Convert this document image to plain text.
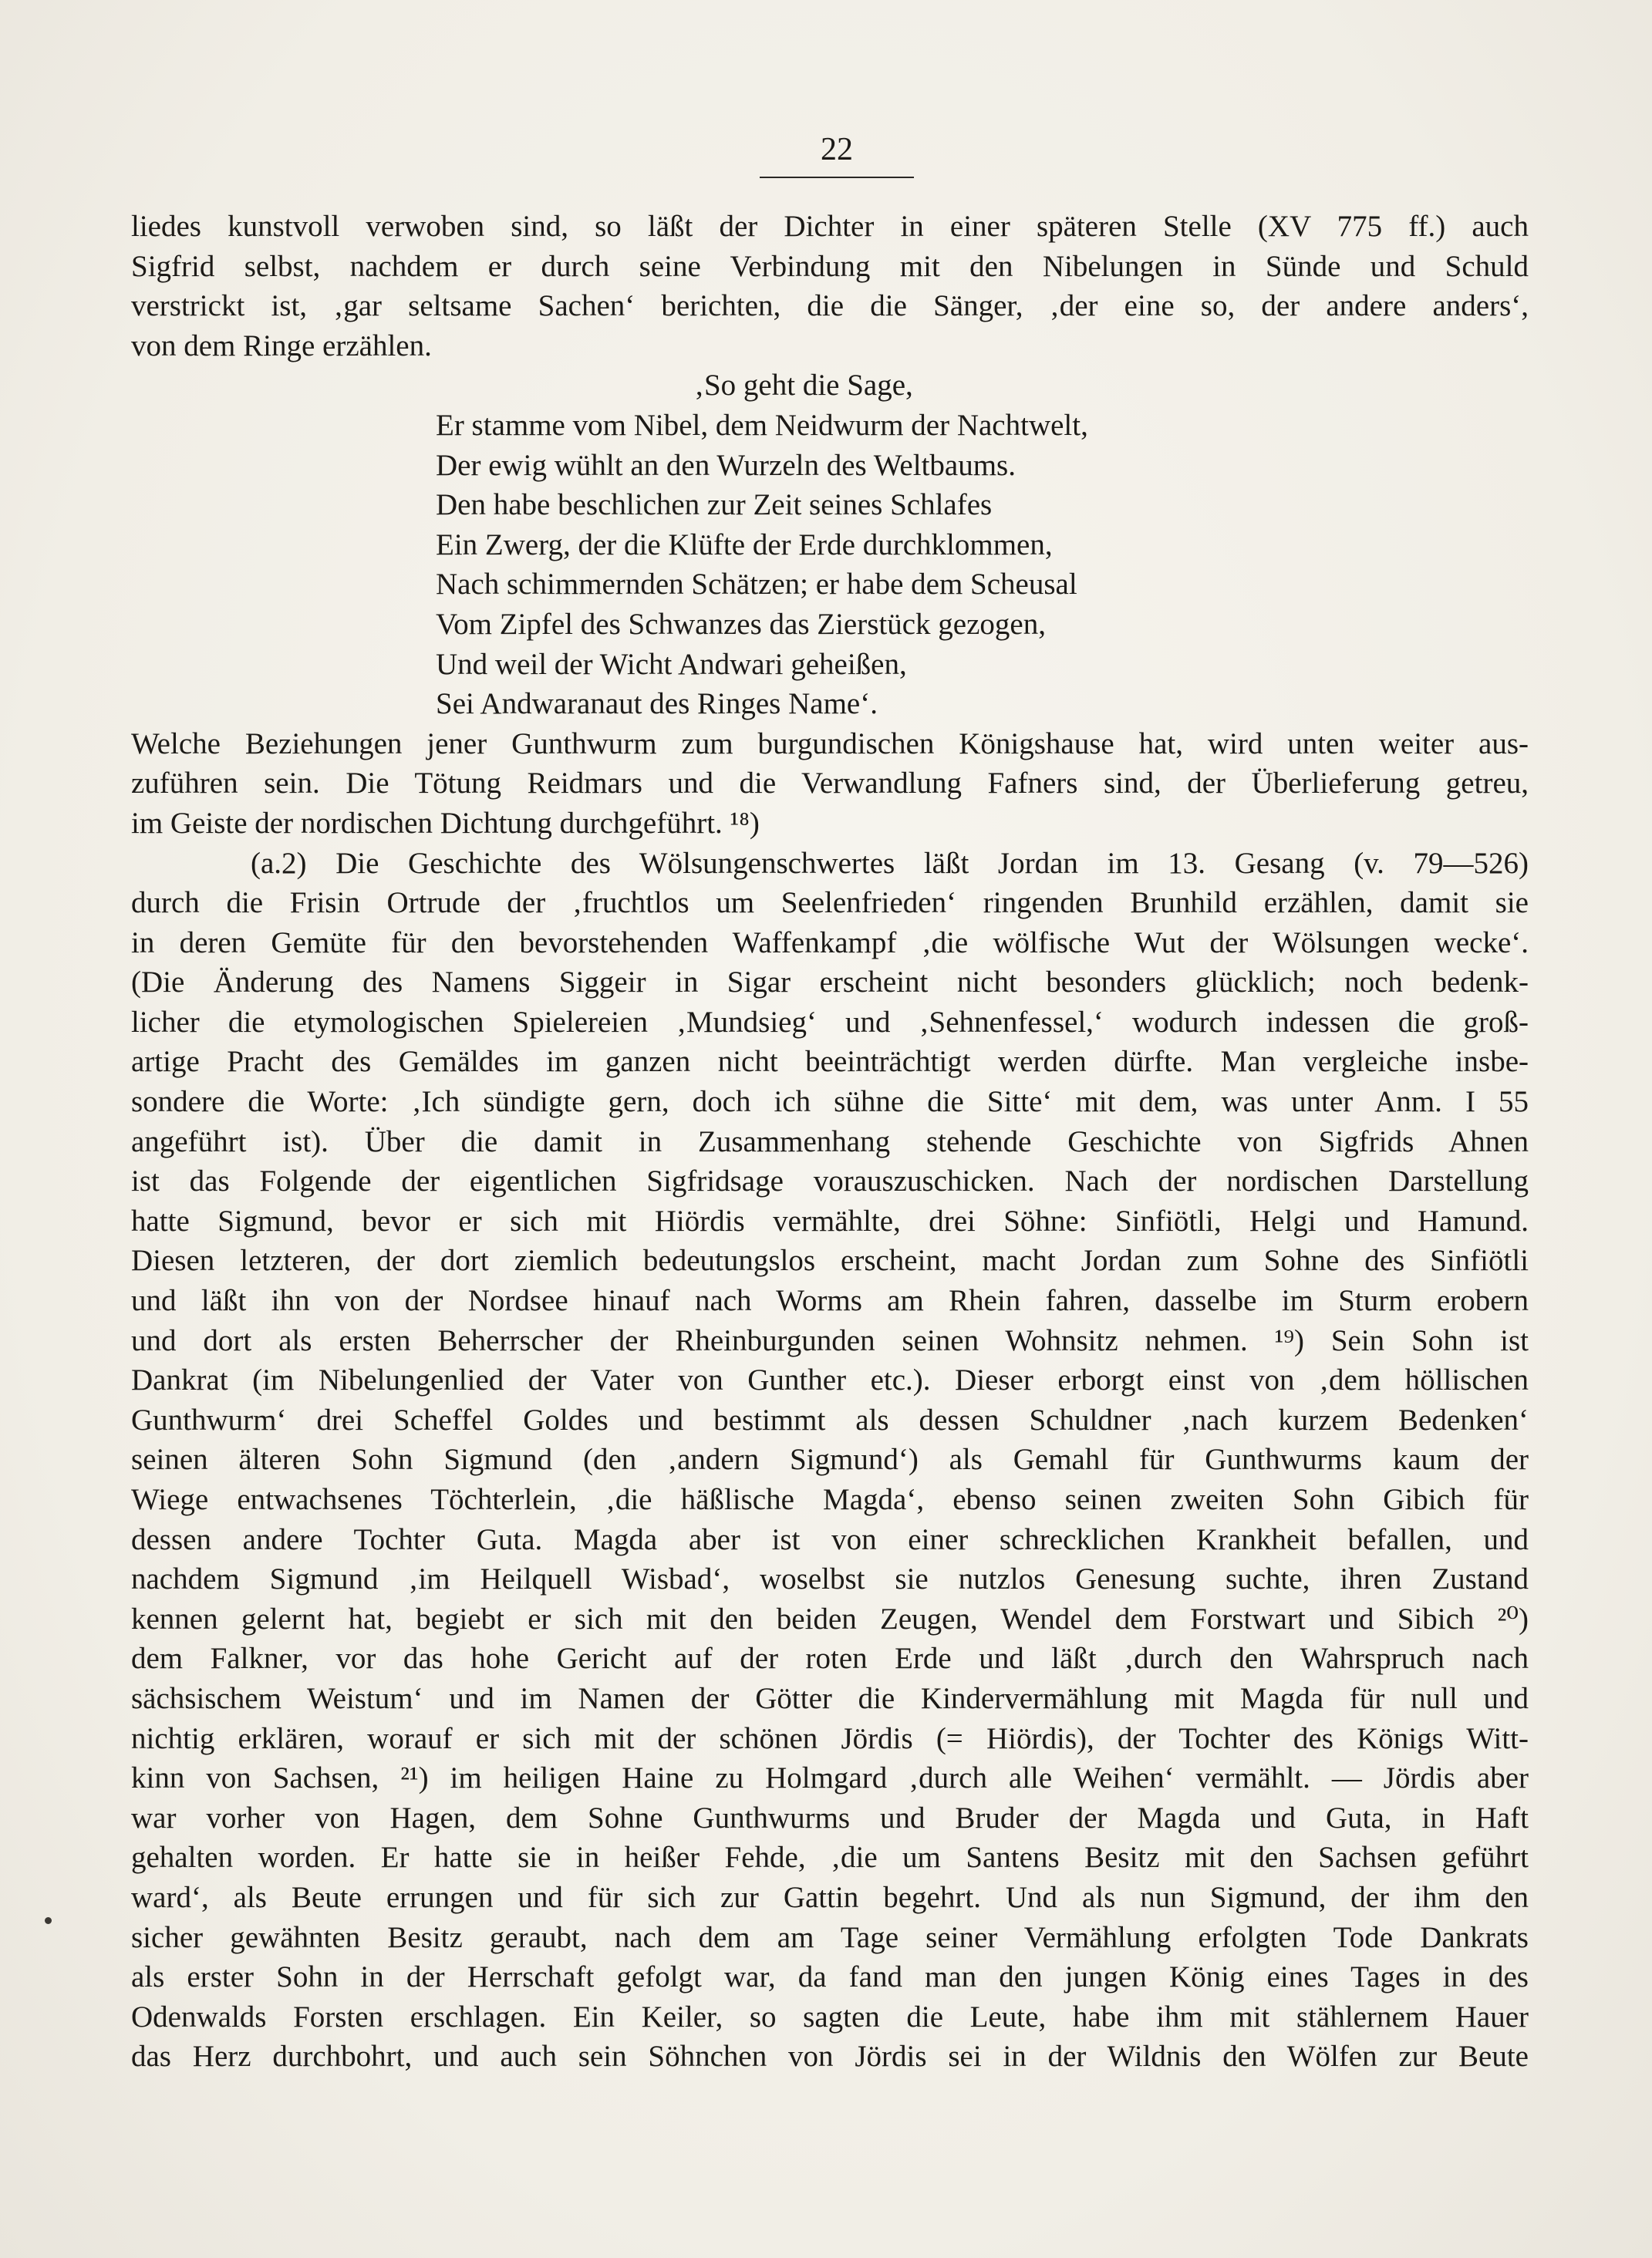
22
liedes kunstvoll verwoben sind, so läßt der Dichter in einer späteren Stelle (XV 775 ff.) auch
Sigfrid selbst, nachdem er durch seine Verbindung mit den Nibelungen in Sünde und Schuld
verstrickt ist, ‚gar seltsame Sachen‘ berichten, die die Sänger, ‚der eine so, der andere anders‘,
von dem Ringe erzählen.
‚So geht die Sage,
Er stamme vom Nibel, dem Neidwurm der Nachtwelt,
Der ewig wühlt an den Wurzeln des Weltbaums.
Den habe beschlichen zur Zeit seines Schlafes
Ein Zwerg, der die Klüfte der Erde durchklommen,
Nach schimmernden Schätzen; er habe dem Scheusal
Vom Zipfel des Schwanzes das Zierstück gezogen,
Und weil der Wicht Andwari geheißen,
Sei Andwaranaut des Ringes Name‘.
Welche Beziehungen jener Gunthwurm zum burgundischen Königshause hat, wird unten weiter aus-
zuführen sein. Die Tötung Reidmars und die Verwandlung Fafners sind, der Überlieferung getreu,
im Geiste der nordischen Dichtung durchgeführt. ¹⁸)
(a.2) Die Geschichte des Wölsungenschwertes läßt Jordan im 13. Gesang (v. 79—526)
durch die Frisin Ortrude der ‚fruchtlos um Seelenfrieden‘ ringenden Brunhild erzählen, damit sie
in deren Gemüte für den bevorstehenden Waffenkampf ‚die wölfische Wut der Wölsungen wecke‘.
(Die Änderung des Namens Siggeir in Sigar erscheint nicht besonders glücklich; noch bedenk-
licher die etymologischen Spielereien ‚Mundsieg‘ und ‚Sehnenfessel,‘ wodurch indessen die groß-
artige Pracht des Gemäldes im ganzen nicht beeinträchtigt werden dürfte. Man vergleiche insbe-
sondere die Worte: ‚Ich sündigte gern, doch ich sühne die Sitte‘ mit dem, was unter Anm. I 55
angeführt ist). Über die damit in Zusammenhang stehende Geschichte von Sigfrids Ahnen
ist das Folgende der eigentlichen Sigfridsage vorauszuschicken. Nach der nordischen Darstellung
hatte Sigmund, bevor er sich mit Hiördis vermählte, drei Söhne: Sinfiötli, Helgi und Hamund.
Diesen letzteren, der dort ziemlich bedeutungslos erscheint, macht Jordan zum Sohne des Sinfiötli
und läßt ihn von der Nordsee hinauf nach Worms am Rhein fahren, dasselbe im Sturm erobern
und dort als ersten Beherrscher der Rheinburgunden seinen Wohnsitz nehmen. ¹⁹) Sein Sohn ist
Dankrat (im Nibelungenlied der Vater von Gunther etc.). Dieser erborgt einst von ‚dem höllischen
Gunthwurm‘ drei Scheffel Goldes und bestimmt als dessen Schuldner ‚nach kurzem Bedenken‘
seinen älteren Sohn Sigmund (den ‚andern Sigmund‘) als Gemahl für Gunthwurms kaum der
Wiege entwachsenes Töchterlein, ‚die häßlische Magda‘, ebenso seinen zweiten Sohn Gibich für
dessen andere Tochter Guta. Magda aber ist von einer schrecklichen Krankheit befallen, und
nachdem Sigmund ‚im Heilquell Wisbad‘, woselbst sie nutzlos Genesung suchte, ihren Zustand
kennen gelernt hat, begiebt er sich mit den beiden Zeugen, Wendel dem Forstwart und Sibich ²⁰)
dem Falkner, vor das hohe Gericht auf der roten Erde und läßt ‚durch den Wahrspruch nach
sächsischem Weistum‘ und im Namen der Götter die Kindervermählung mit Magda für null und
nichtig erklären, worauf er sich mit der schönen Jördis (= Hiördis), der Tochter des Königs Witt-
kinn von Sachsen, ²¹) im heiligen Haine zu Holmgard ‚durch alle Weihen‘ vermählt. — Jördis aber
war vorher von Hagen, dem Sohne Gunthwurms und Bruder der Magda und Guta, in Haft
gehalten worden. Er hatte sie in heißer Fehde, ‚die um Santens Besitz mit den Sachsen geführt
ward‘, als Beute errungen und für sich zur Gattin begehrt. Und als nun Sigmund, der ihm den
sicher gewähnten Besitz geraubt, nach dem am Tage seiner Vermählung erfolgten Tode Dankrats
als erster Sohn in der Herrschaft gefolgt war, da fand man den jungen König eines Tages in des
Odenwalds Forsten erschlagen. Ein Keiler, so sagten die Leute, habe ihm mit stählernem Hauer
das Herz durchbohrt, und auch sein Söhnchen von Jördis sei in der Wildnis den Wölfen zur Beute
